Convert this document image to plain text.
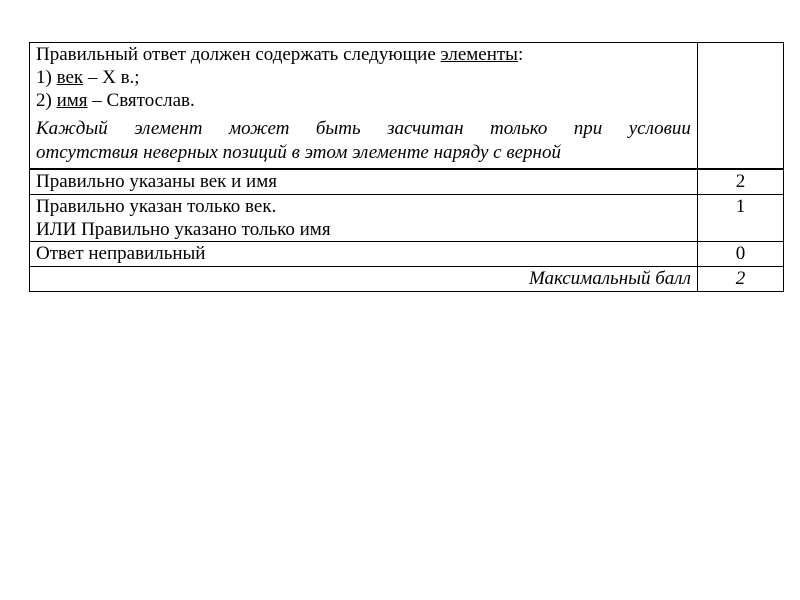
Правильный ответ должен содержать следующие элементы:
1) век – X в.;
2) имя – Святослав.
Каждый элемент может быть засчитан только при условии
отсутствия неверных позиций в этом элементе наряду с верной	

Правильно указаны век и имя	2

Правильно указан только век.
ИЛИ Правильно указано только имя	1

Ответ неправильный	0
Максимальный балл	2
